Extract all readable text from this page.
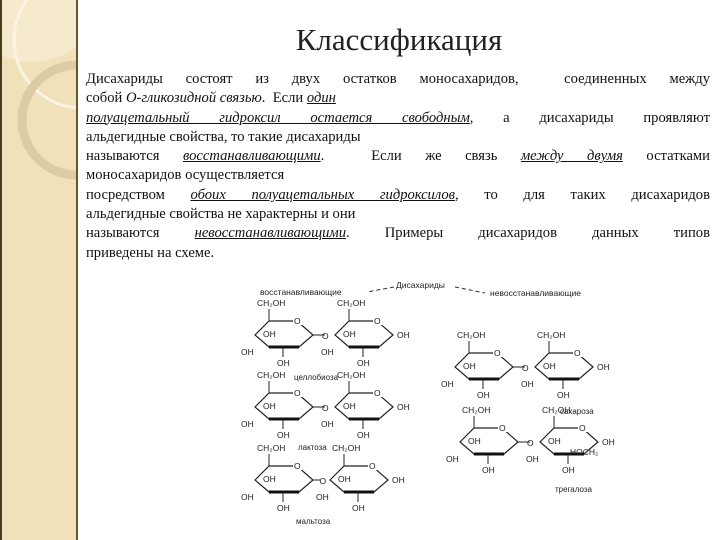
Классификация
Дисахариды состоят из двух остатков моносахаридов,  соединенных между
собой О-гликозидной связью.  Если один
полуацетальный гидроксил остается свободным, а дисахариды проявляют
альдегидные свойства, то такие дисахариды
называются восстанавливающими.  Если же связь между двумя остатками
моносахаридов осуществляется
посредством обоих полуацетальных гидроксилов, то для таких дисахаридов
альдегидные свойства не характерны и они
называются невосстанавливающими. Примеры дисахаридов данных типов
приведены на схеме.
Дисахариды
восстанавливающие	невосстанавливающие
O
CH₂OH
OH
OH
OH
O
CH₂OH
OH
OH
OH
O	OH
O
CH₂OH
OH
OH
OH
O
CH₂OH
OH
OH
OH
O	OH
O
CH₂OH
OH
OH
OH
O
CH₂OH
OH
OH
OH
O	OH
O
CH₂OH
OH
OH
OH
O
CH₂OH
OH
OH
OH
O	OH
O
CH₂OH
OH
OH
OH
O
CH₂OH
OH
OH
OH
O	OH
HOCH₂
целлобиоза
лактоза
мальтоза
сахароза
трегалоза
